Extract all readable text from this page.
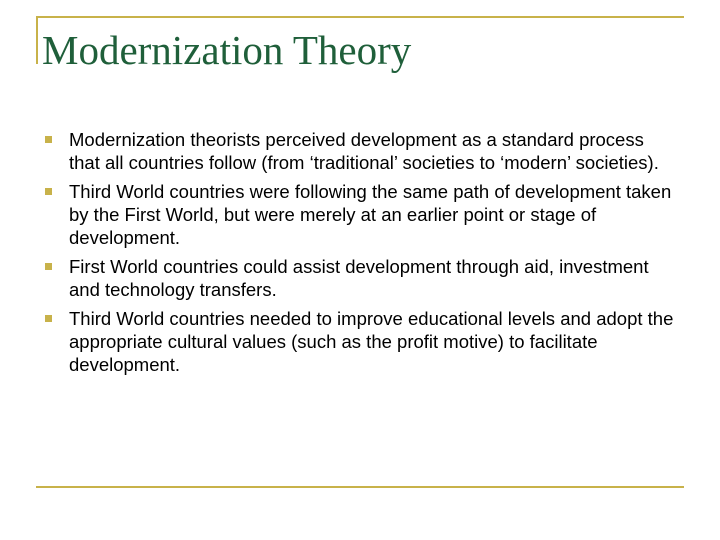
Modernization Theory
Modernization theorists perceived development as a standard process that all countries follow (from ‘traditional’ societies to ‘modern’ societies).
Third World countries were following the same path of development taken by the First World, but were merely at an earlier point or stage of development.
First World countries could assist development through aid, investment and technology transfers.
Third World countries needed to improve educational levels and adopt the appropriate cultural values (such as the profit motive) to facilitate development.
